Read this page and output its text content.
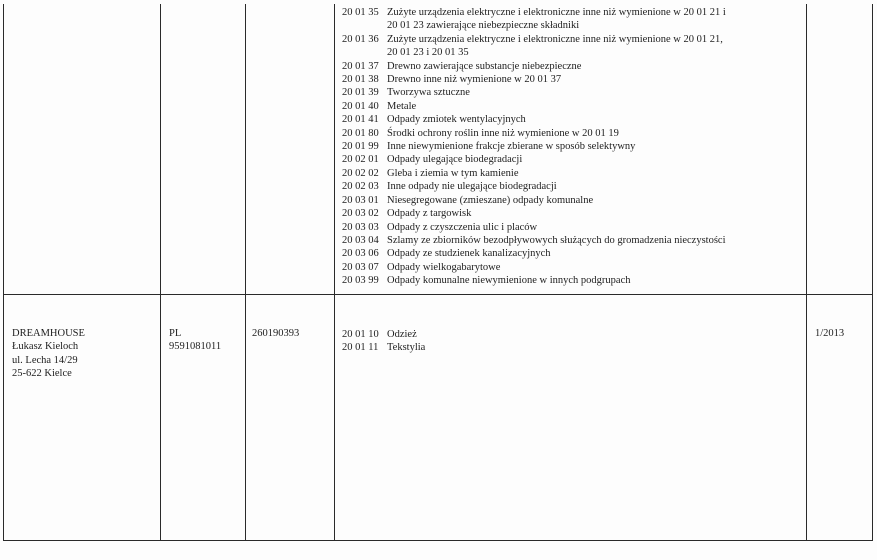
20 01 35 Zużyte urządzenia elektryczne i elektroniczne inne niż wymienione w 20 01 21 i
20 01 23 zawierające niebezpieczne składniki
20 01 36 Zużyte urządzenia elektryczne i elektroniczne inne niż wymienione w 20 01 21,
20 01 23 i 20 01 35
20 01 37 Drewno zawierające substancje niebezpieczne
20 01 38 Drewno inne niż wymienione w 20 01 37
20 01 39 Tworzywa sztuczne
20 01 40 Metale
20 01 41 Odpady zmiotek wentylacyjnych
20 01 80 Środki ochrony roślin inne niż wymienione w 20 01 19
20 01 99 Inne niewymienione frakcje zbierane w sposób selektywny
20 02 01 Odpady ulegające biodegradacji
20 02 02 Gleba i ziemia w tym kamienie
20 02 03 Inne odpady nie ulegające biodegradacji
20 03 01 Niesegregowane (zmieszane) odpady komunalne
20 03 02 Odpady z targowisk
20 03 03 Odpady z czyszczenia ulic i placów
20 03 04 Szlamy ze zbiorników bezodpływowych służących do gromadzenia nieczystości
20 03 06 Odpady ze studzienek kanalizacyjnych
20 03 07 Odpady wielkogabarytowe
20 03 99 Odpady komunalne niewymienione w innych podgrupach
DREAMHOUSE
Łukasz Kieloch
ul. Lecha 14/29
25-622 Kielce
PL
9591081011
260190393	20 01 10 Odzież
20 01 11 Tekstylia
1/2013
